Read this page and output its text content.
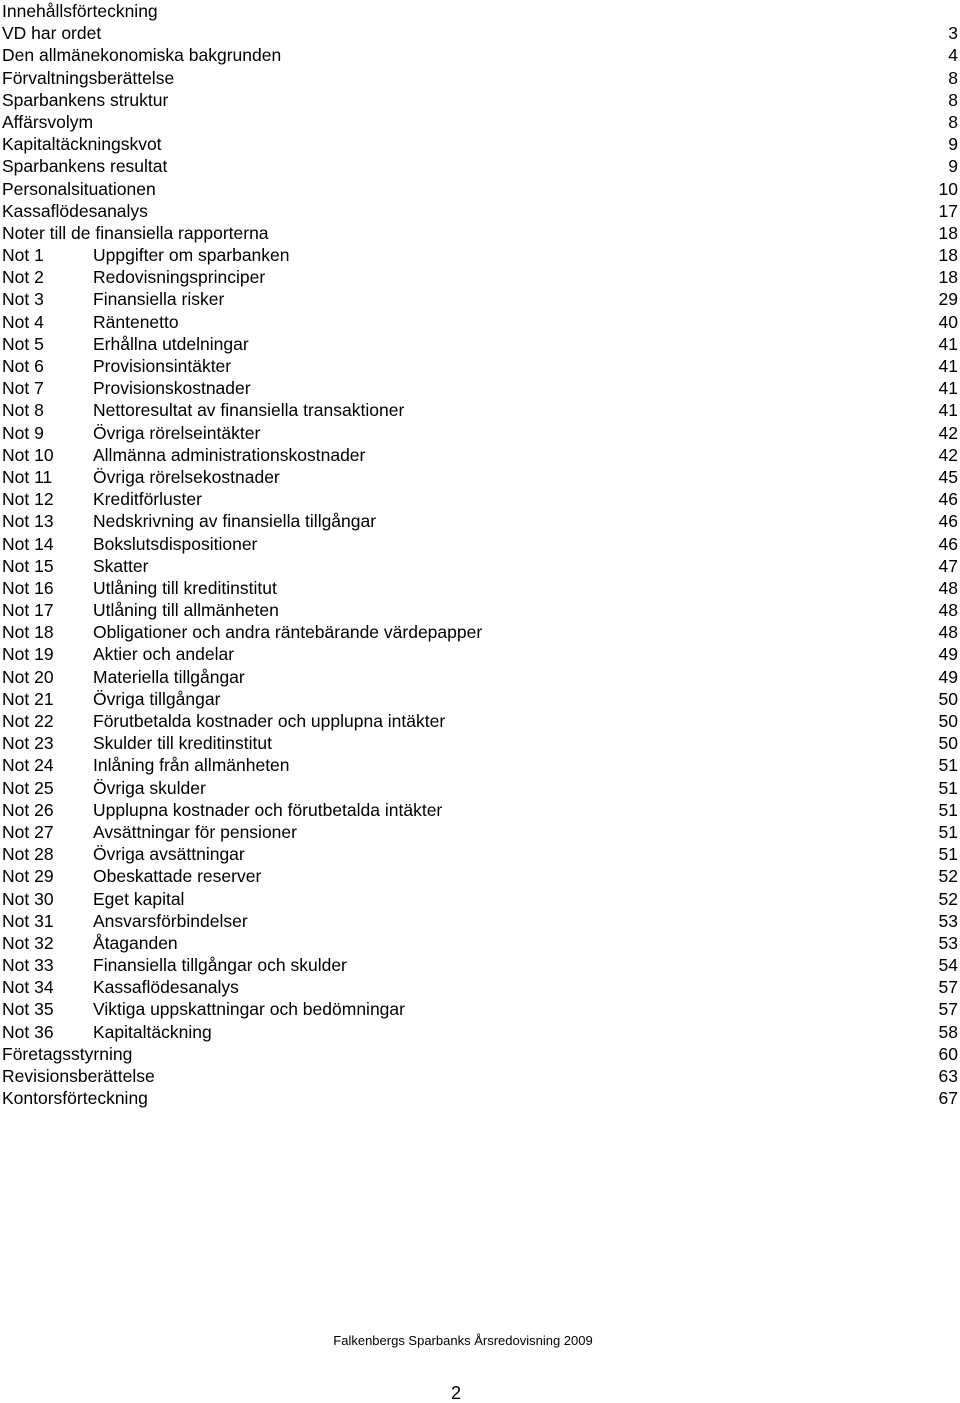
Innehållsförteckning
VD har ordet	3
Den allmänekonomiska bakgrunden	4
Förvaltningsberättelse	8
Sparbankens struktur	8
Affärsvolym	8
Kapitaltäckningskvot	9
Sparbankens resultat	9
Personalsituationen	10
Kassaflödesanalys	17
Noter till de finansiella rapporterna	18
Not 1	Uppgifter om sparbanken	18
Not 2	Redovisningsprinciper	18
Not 3	Finansiella risker	29
Not 4	Räntenetto	40
Not 5	Erhållna utdelningar	41
Not 6	Provisionsintäkter	41
Not 7	Provisionskostnader	41
Not 8	Nettoresultat av finansiella transaktioner	41
Not 9	Övriga rörelseintäkter	42
Not 10 Allmänna administrationskostnader	42
Not 11 Övriga rörelsekostnader	45
Not 12 Kreditförluster	46
Not 13 Nedskrivning av finansiella tillgångar	46
Not 14 Bokslutsdispositioner	46
Not 15 Skatter	47
Not 16 Utlåning till kreditinstitut	48
Not 17 Utlåning till allmänheten	48
Not 18 Obligationer och andra räntebärande värdepapper	48
Not 19 Aktier och andelar	49
Not 20 Materiella tillgångar	49
Not 21 Övriga tillgångar	50
Not 22 Förutbetalda kostnader och upplupna intäkter	50
Not 23 Skulder till kreditinstitut	50
Not 24 Inlåning från allmänheten	51
Not 25 Övriga skulder	51
Not 26 Upplupna kostnader och förutbetalda intäkter	51
Not 27 Avsättningar för pensioner	51
Not 28 Övriga avsättningar	51
Not 29 Obeskattade reserver	52
Not 30 Eget kapital	52
Not 31 Ansvarsförbindelser	53
Not 32 Åtaganden	53
Not 33 Finansiella tillgångar och skulder	54
Not 34 Kassaflödesanalys	57
Not 35 Viktiga uppskattningar och bedömningar	57
Not 36 Kapitaltäckning	58
Företagsstyrning	60
Revisionsberättelse	63
Kontorsförteckning	67
Falkenbergs Sparbanks Årsredovisning 2009
2
